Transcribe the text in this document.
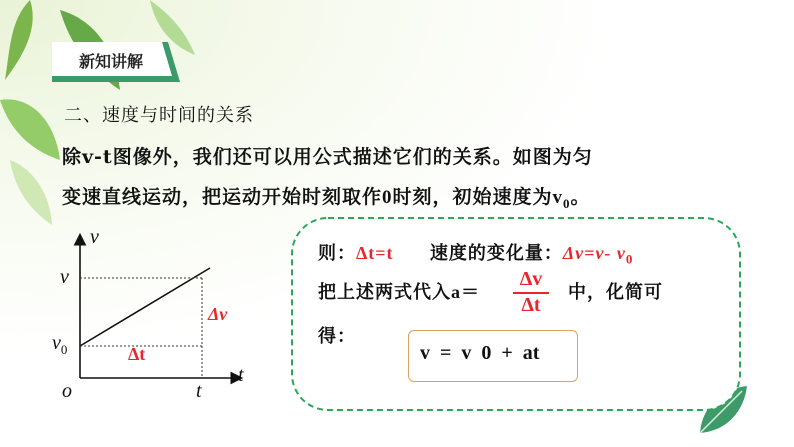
新知讲解
二、速度与时间的关系
除v-t图像外，我们还可以用公式描述它们的关系。如图为匀
变速直线运动，把运动开始时刻取作0时刻，初始速度为$v_0$。
v
t
o
v
$v_0$
t
Δv
Δt
则：Δt=t 速度的变化量：Δv=v- $v_0$
把上述两式代入$a= \frac{\Delta v}{\Delta t}$ 中，化简可
得：
v  =  v  0  +  at
